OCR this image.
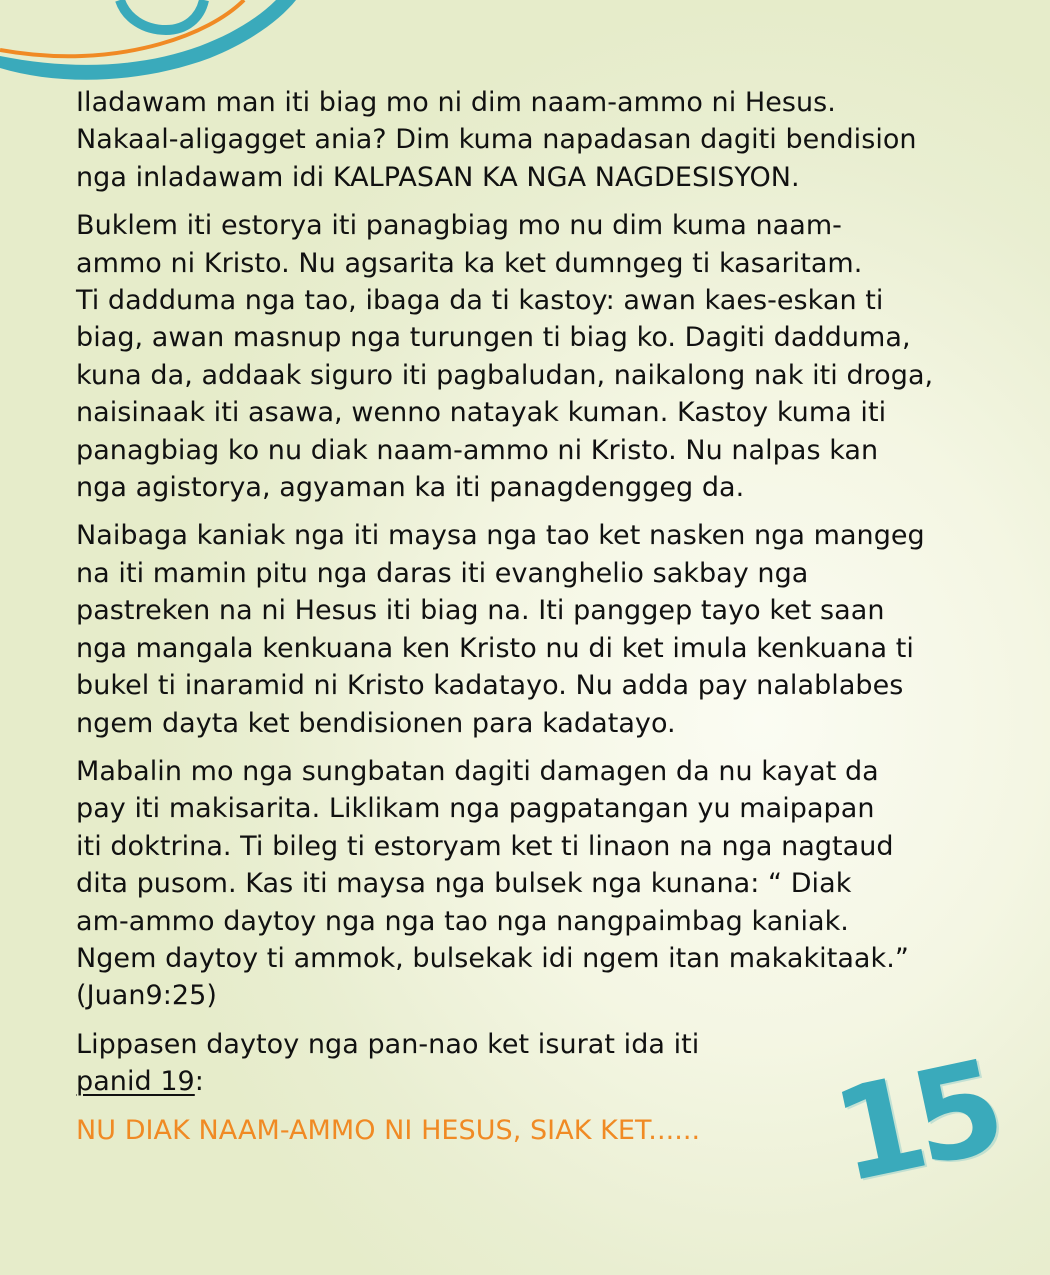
Iladawam man iti biag mo ni dim naam-ammo ni Hesus.
Nakaal-aligagget ania? Dim kuma napadasan dagiti bendision
nga inladawam idi KALPASAN KA NGA NAGDESISYON.
Buklem iti estorya iti panagbiag mo nu dim kuma naam-
ammo ni Kristo. Nu agsarita ka ket dumngeg ti kasaritam.
Ti dadduma nga tao, ibaga da ti kastoy: awan kaes-eskan ti
biag, awan masnup nga turungen ti biag ko. Dagiti dadduma,
kuna da, addaak siguro iti pagbaludan, naikalong nak iti droga,
naisinaak iti asawa, wenno natayak kuman. Kastoy kuma iti
panagbiag ko nu diak naam-ammo ni Kristo. Nu nalpas kan
nga agistorya, agyaman ka iti panagdenggeg da.
Naibaga kaniak nga iti maysa nga tao ket nasken nga mangeg
na iti mamin pitu nga daras iti evanghelio sakbay nga
pastreken na ni Hesus iti biag na. Iti panggep tayo ket saan
nga mangala kenkuana ken Kristo nu di ket imula kenkuana ti
bukel ti inaramid ni Kristo kadatayo. Nu adda pay nalablabes
ngem dayta ket bendisionen para kadatayo.
Mabalin mo nga sungbatan dagiti damagen da nu kayat da
pay iti makisarita. Liklikam nga pagpatangan yu maipapan
iti doktrina. Ti bileg ti estoryam ket ti linaon na nga nagtaud
dita pusom. Kas iti maysa nga bulsek nga kunana: “ Diak
am-ammo daytoy nga nga tao nga nangpaimbag kaniak.
Ngem daytoy ti ammok, bulsekak idi ngem itan makakitaak.”
(Juan9:25)
Lippasen daytoy nga pan-nao ket isurat ida iti
panid 19:
NU DIAK NAAM-AMMO NI HESUS, SIAK KET...... 15
